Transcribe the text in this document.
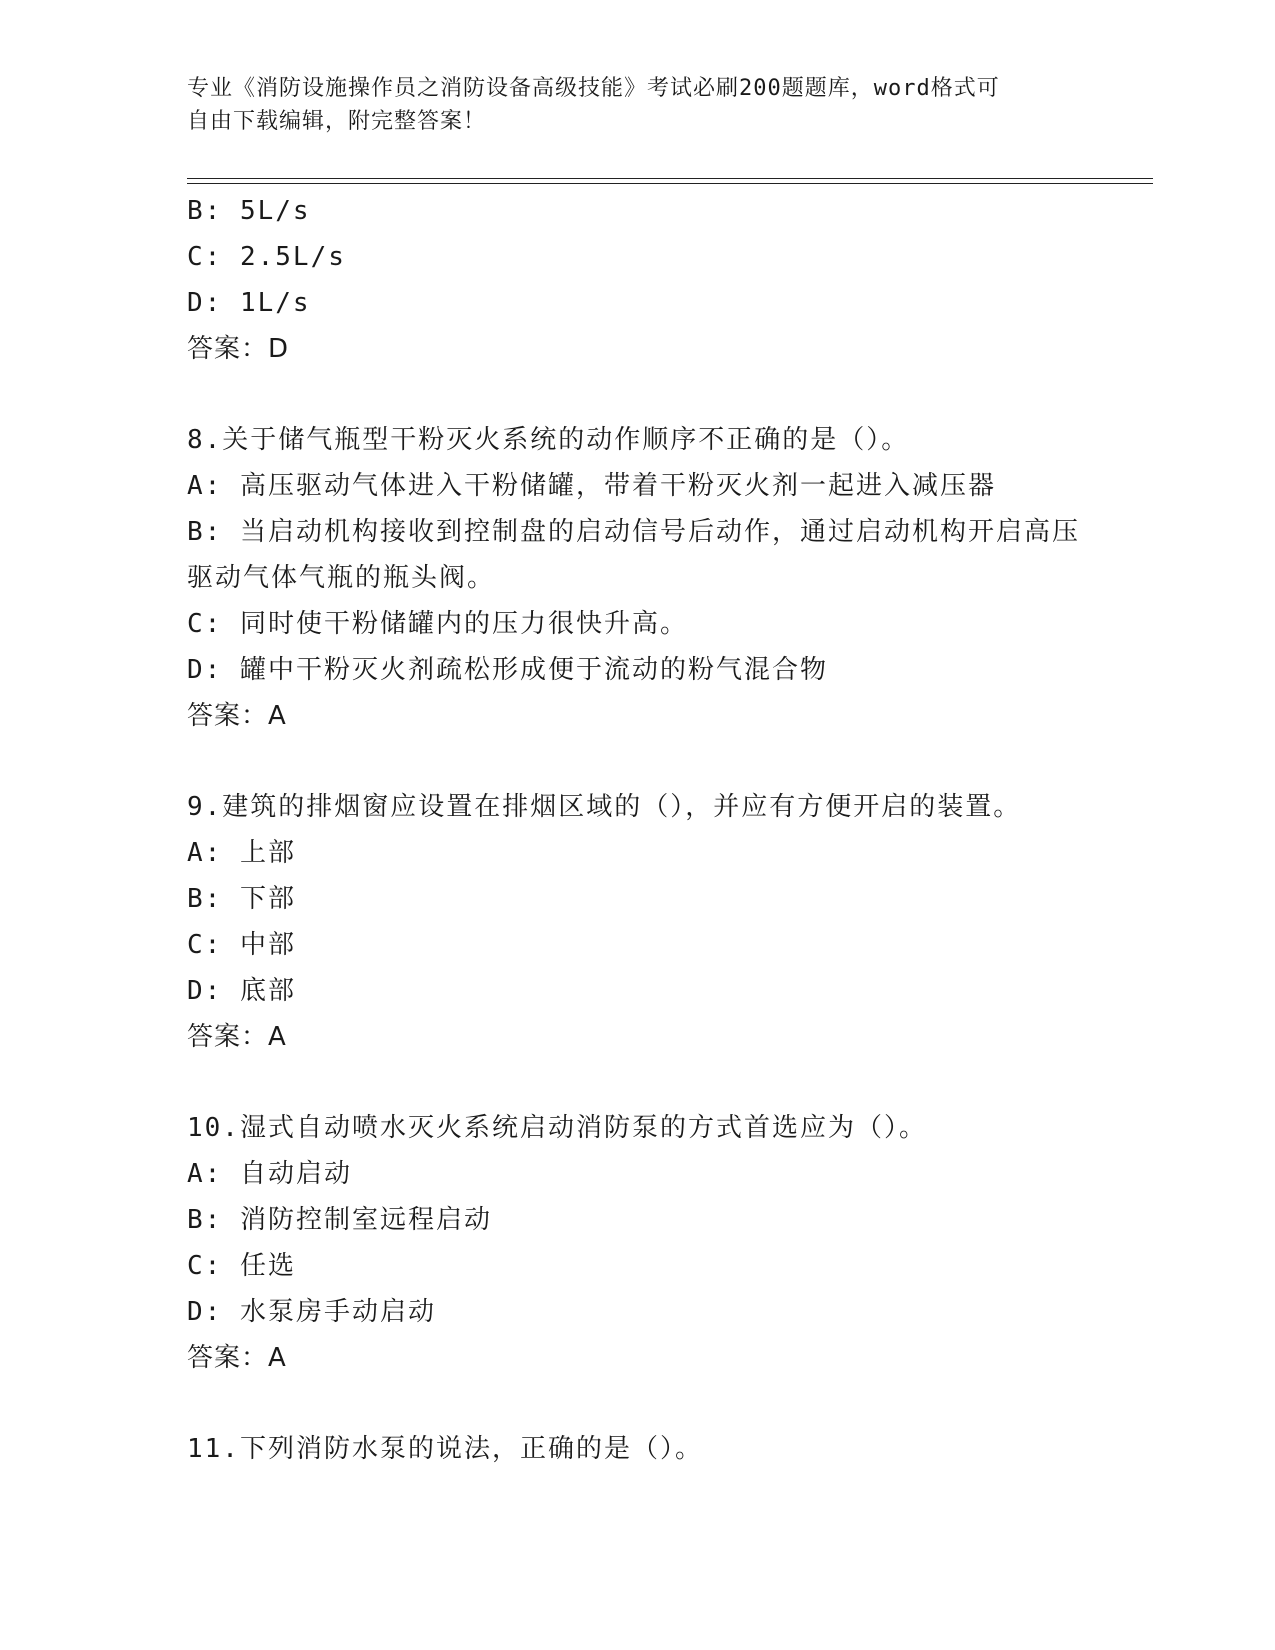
专业《消防设施操作员之消防设备高级技能》考试必刷200题题库，word格式可
自由下载编辑，附完整答案！
B: 5L/s
C: 2.5L/s
D: 1L/s
答案：D
8.关于储气瓶型干粉灭火系统的动作顺序不正确的是（）。
A: 高压驱动气体进入干粉储罐，带着干粉灭火剂一起进入减压器
B: 当启动机构接收到控制盘的启动信号后动作，通过启动机构开启高压驱动气体气瓶的瓶头阀。
C: 同时使干粉储罐内的压力很快升高。
D: 罐中干粉灭火剂疏松形成便于流动的粉气混合物
答案：A
9.建筑的排烟窗应设置在排烟区域的（），并应有方便开启的装置。
A: 上部
B: 下部
C: 中部
D: 底部
答案：A
10.湿式自动喷水灭火系统启动消防泵的方式首选应为（）。
A: 自动启动
B: 消防控制室远程启动
C: 任选
D: 水泵房手动启动
答案：A
11.下列消防水泵的说法，正确的是（）。
